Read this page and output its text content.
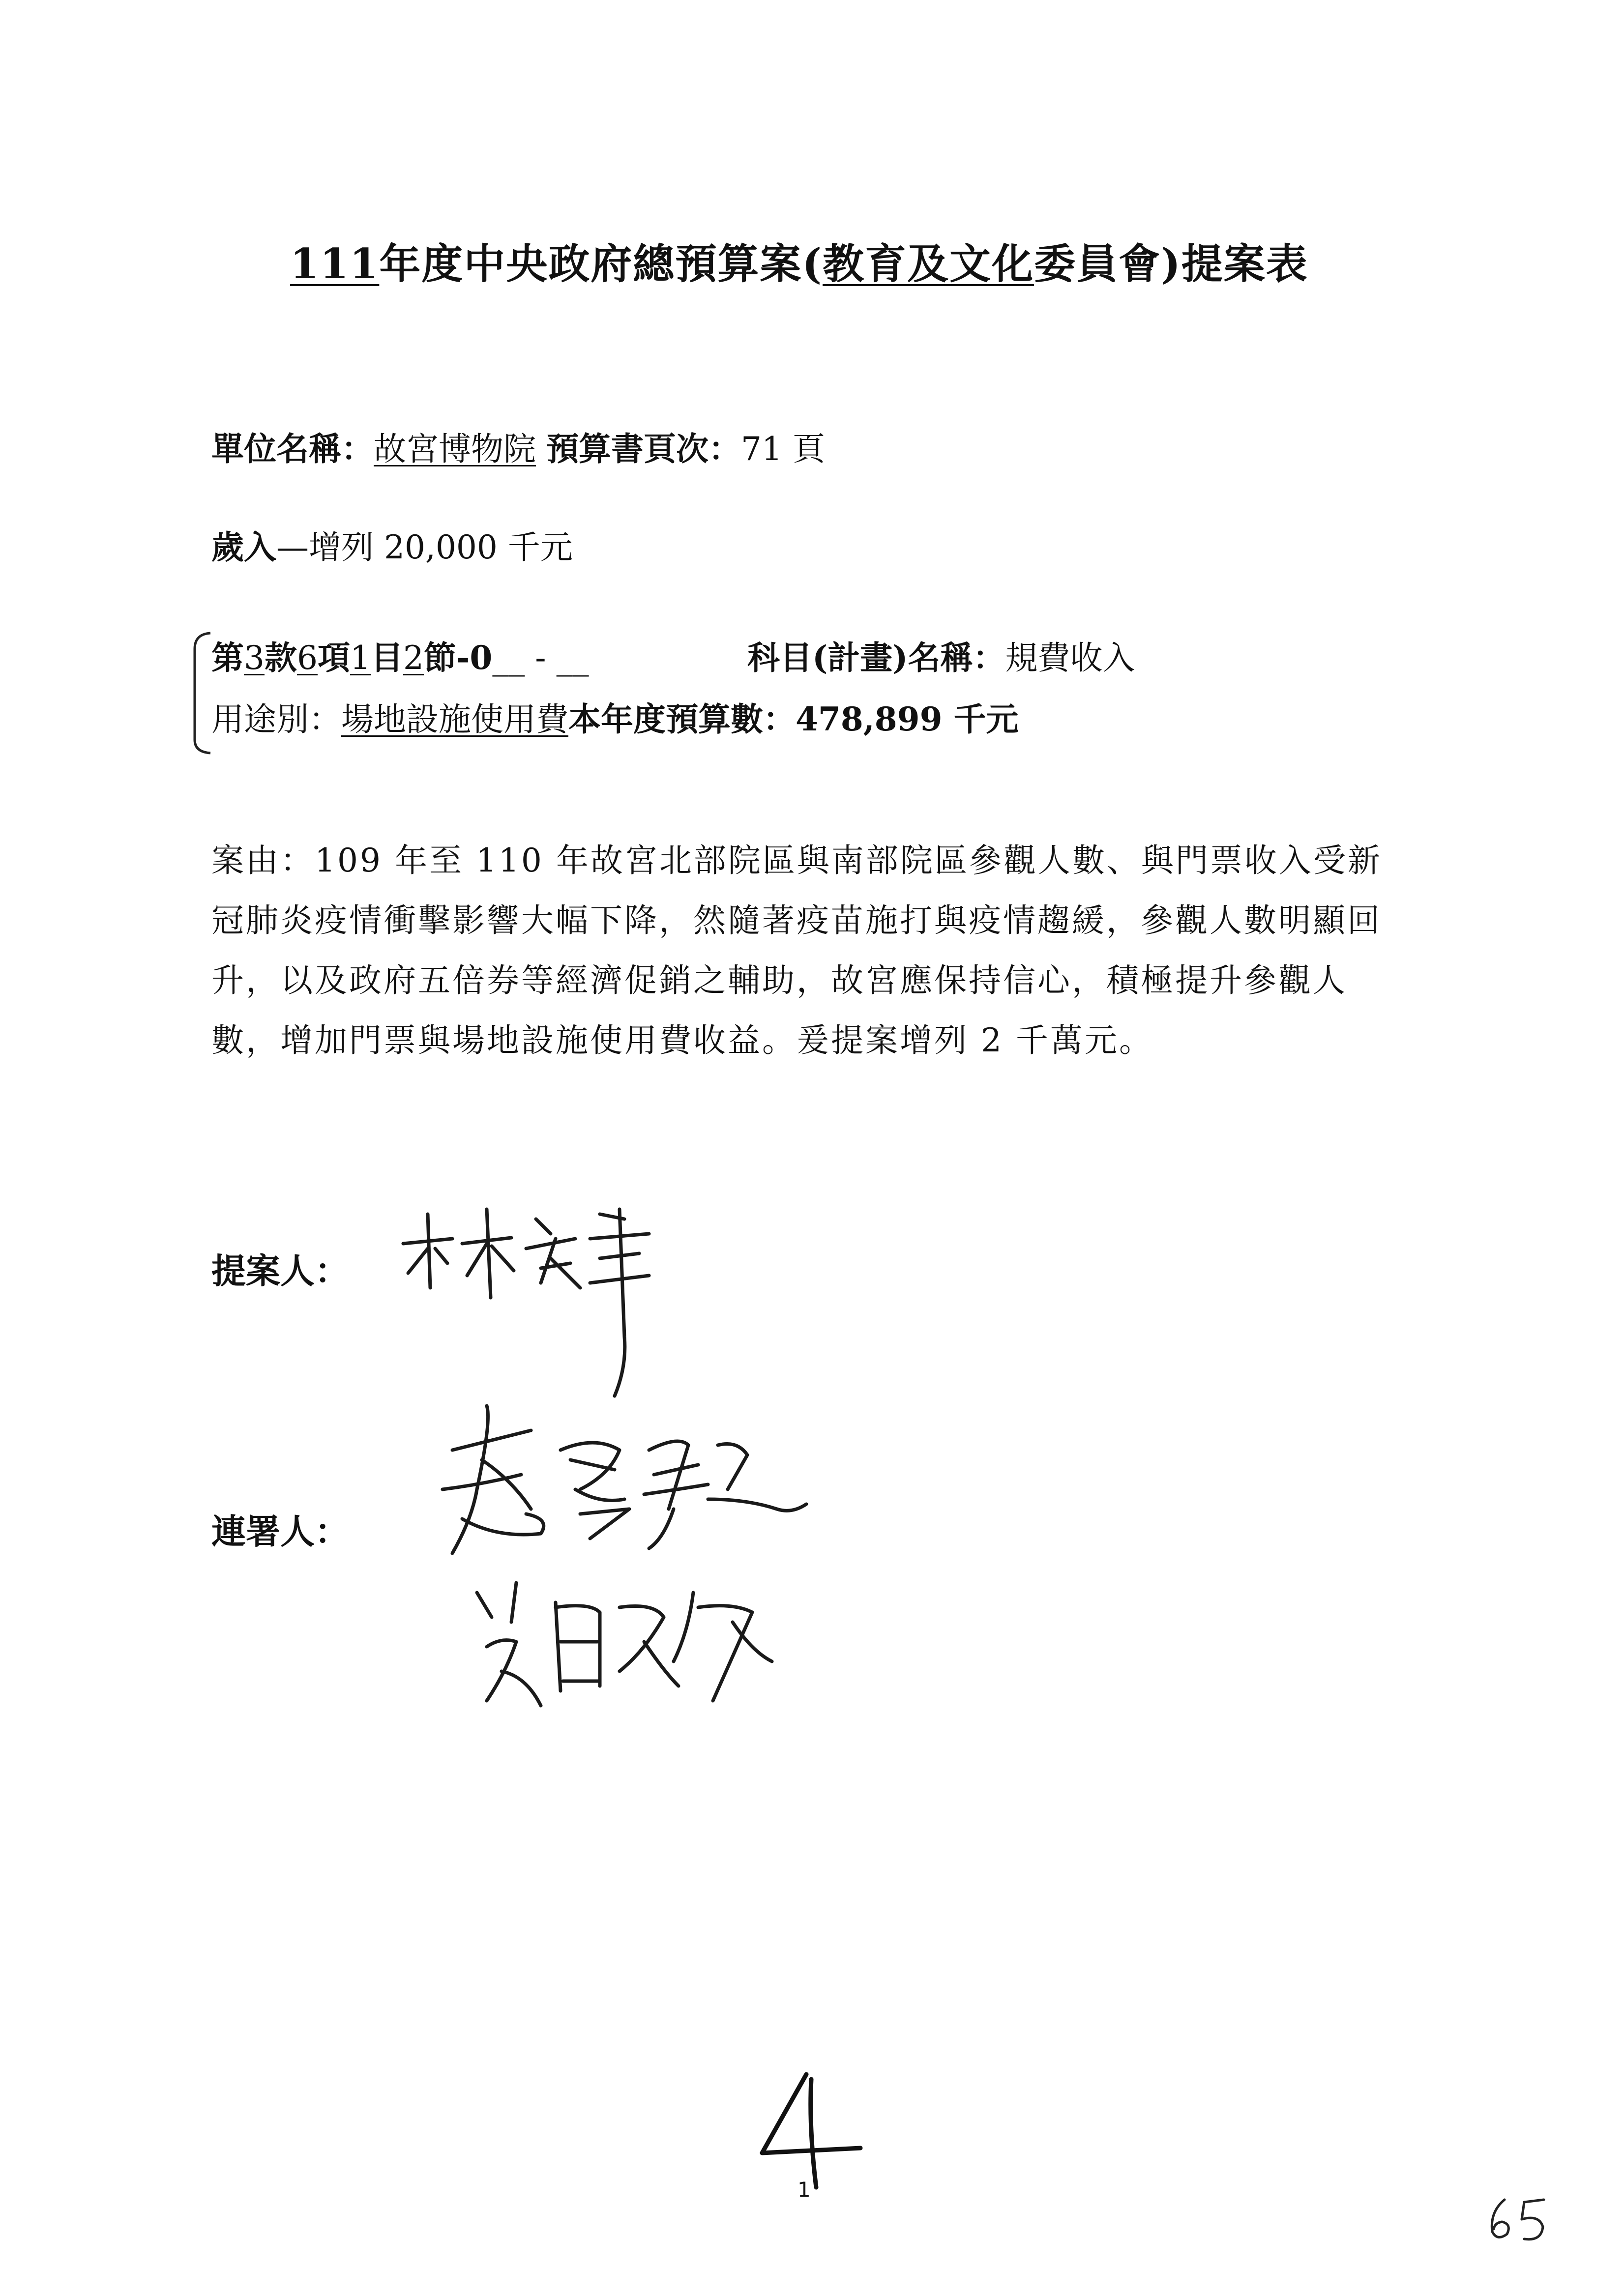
111年度中央政府總預算案(教育及文化委員會)提案表
單位名稱：故宮博物院 預算書頁次：71 頁
歲入—增列 20,000 千元
第3款6項1目2節-0__ - __	科目(計畫)名稱：規費收入
用途別：場地設施使用費本年度預算數：478,899 千元
案由：109 年至 110 年故宮北部院區與南部院區參觀人數、與門票收入受新冠肺炎疫情衝擊影響大幅下降，然隨著疫苗施打與疫情趨緩，參觀人數明顯回升，以及政府五倍券等經濟促銷之輔助，故宮應保持信心，積極提升參觀人數，增加門票與場地設施使用費收益。爰提案增列 2 千萬元。
提案人：
連署人：
1
